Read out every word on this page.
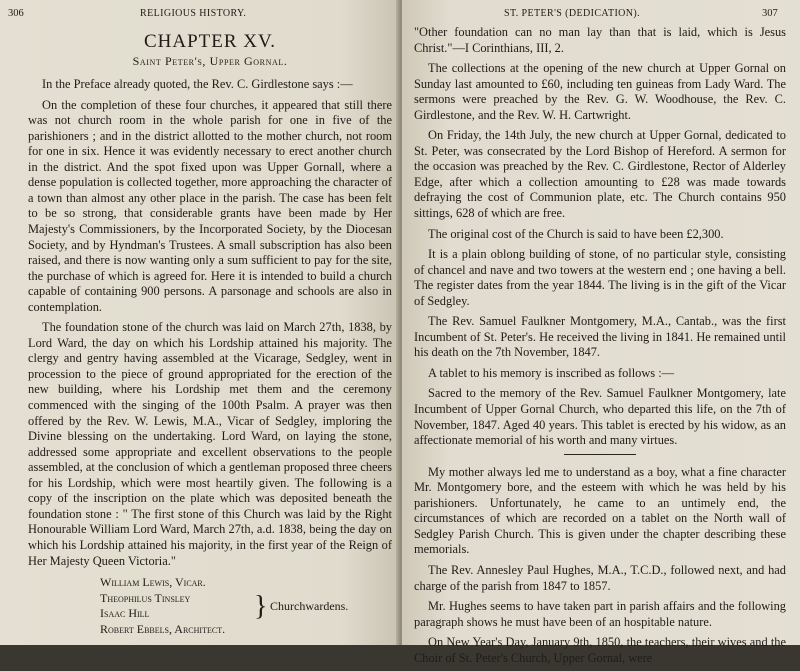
306	RELIGIOUS HISTORY.
CHAPTER XV.
Saint Peter's, Upper Gornal.

In the Preface already quoted, the Rev. C. Girdlestone says :—

On the completion of these four churches, it appeared that still there was not church room in the whole parish for one in five of the parishioners ; and in the district allotted to the mother church, not room for one in six. Hence it was evidently necessary to erect another church in the district. And the spot fixed upon was Upper Gornall, where a dense population is collected together, more approaching the character of a town than almost any other place in the parish. The case has been felt to be so strong, that considerable grants have been made by Her Majesty's Commissioners, by the Incorporated Society, by the Diocesan Society, and by Hyndman's Trustees. A small subscription has also been raised, and there is now wanting only a sum sufficient to pay for the site, the purchase of which is agreed for. Here it is intended to build a church capable of containing 900 persons. A parsonage and schools are also in contemplation.

The foundation stone of the church was laid on March 27th, 1838, by Lord Ward, the day on which his Lordship attained his majority. The clergy and gentry having assembled at the Vicarage, Sedgley, went in procession to the piece of ground appropriated for the erection of the new building, where his Lordship met them and the ceremony commenced with the singing of the 100th Psalm. A prayer was then offered by the Rev. W. Lewis, M.A., Vicar of Sedgley, imploring the Divine blessing on the undertaking. Lord Ward, on laying the stone, addressed some appropriate and excellent observations to the people assembled, at the conclusion of which a gentleman proposed three cheers for his Lordship, which were most heartily given. The following is a copy of the inscription on the plate which was deposited beneath the foundation stone : " The first stone of this Church was laid by the Right Honourable William Lord Ward, March 27th, a.d. 1838, being the day on which his Lordship attained his majority, in the first year of the Reign of Her Majesty Queen Victoria."

William Lewis, Vicar.
Theophilus Tinsley
Isaac Hill	} Churchwardens.
Robert Ebbels, Architect.
ST. PETER'S (DEDICATION).	307

"Other foundation can no man lay than that is laid, which is Jesus Christ."—I Corinthians, III, 2.

The collections at the opening of the new church at Upper Gornal on Sunday last amounted to £60, including ten guineas from Lady Ward. The sermons were preached by the Rev. G. W. Woodhouse, the Rev. C. Girdlestone, and the Rev. W. H. Cartwright.

On Friday, the 14th July, the new church at Upper Gornal, dedicated to St. Peter, was consecrated by the Lord Bishop of Hereford. A sermon for the occasion was preached by the Rev. C. Girdlestone, Rector of Alderley Edge, after which a collection amounting to £28 was made towards defraying the cost of Communion plate, etc. The Church contains 950 sittings, 628 of which are free.

The original cost of the Church is said to have been £2,300.

It is a plain oblong building of stone, of no particular style, consisting of chancel and nave and two towers at the western end ; one having a bell. The register dates from the year 1844. The living is in the gift of the Vicar of Sedgley.

The Rev. Samuel Faulkner Montgomery, M.A., Cantab., was the first Incumbent of St. Peter's. He received the living in 1841. He remained until his death on the 7th November, 1847.

A tablet to his memory is inscribed as follows :—

Sacred to the memory of the Rev. Samuel Faulkner Montgomery, late Incumbent of Upper Gornal Church, who departed this life, on the 7th of November, 1847. Aged 40 years. This tablet is erected by his widow, as an affectionate memorial of his worth and many virtues.

My mother always led me to understand as a boy, what a fine character Mr. Montgomery bore, and the esteem with which he was held by his parishioners. Unfortunately, he came to an untimely end, the circumstances of which are recorded on a tablet on the North wall of Sedgley Parish Church. This is given under the chapter describing these memorials.

The Rev. Annesley Paul Hughes, M.A., T.C.D., followed next, and had charge of the parish from 1847 to 1857.

Mr. Hughes seems to have taken part in parish affairs and the following paragraph shows he must have been of an hospitable nature.

On New Year's Day, January 9th, 1850, the teachers, their wives and the Choir of St. Peter's Church, Upper Gornal, were
